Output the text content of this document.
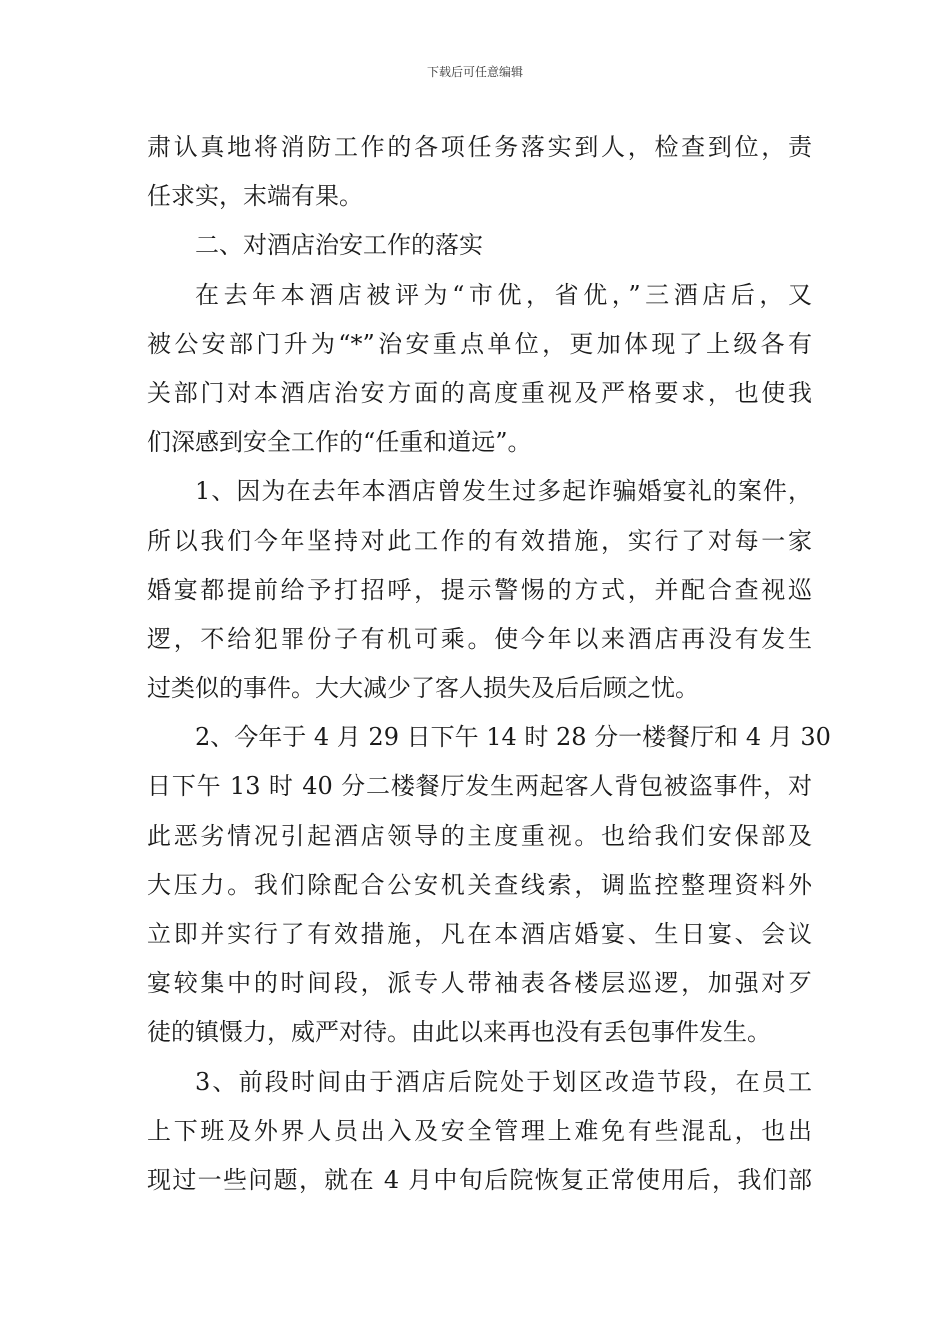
下载后可任意编辑
肃认真地将消防工作的各项任务落实到人，检查到位，责
任求实，末端有果。
二、对酒店治安工作的落实
在去年本酒店被评为“市优，省优，”三酒店后，又
被公安部门升为“*”治安重点单位，更加体现了上级各有
关部门对本酒店治安方面的高度重视及严格要求，也使我
们深感到安全工作的“任重和道远”。
1、因为在去年本酒店曾发生过多起诈骗婚宴礼的案件，
所以我们今年坚持对此工作的有效措施，实行了对每一家
婚宴都提前给予打招呼，提示警惕的方式，并配合查视巡
逻，不给犯罪份子有机可乘。使今年以来酒店再没有发生
过类似的事件。大大减少了客人损失及后后顾之忧。
2、今年于 4 月 29 日下午 14 时 28 分一楼餐厅和 4 月 30
日下午 13 时 40 分二楼餐厅发生两起客人背包被盗事件，对
此恶劣情况引起酒店领导的主度重视。也给我们安保部及
大压力。我们除配合公安机关查线索，调监控整理资料外
立即并实行了有效措施，凡在本酒店婚宴、生日宴、会议
宴较集中的时间段，派专人带袖表各楼层巡逻，加强对歹
徒的镇慑力，威严对待。由此以来再也没有丢包事件发生。
3、前段时间由于酒店后院处于划区改造节段，在员工
上下班及外界人员出入及安全管理上难免有些混乱，也出
现过一些问题，就在 4 月中旬后院恢复正常使用后，我们部
